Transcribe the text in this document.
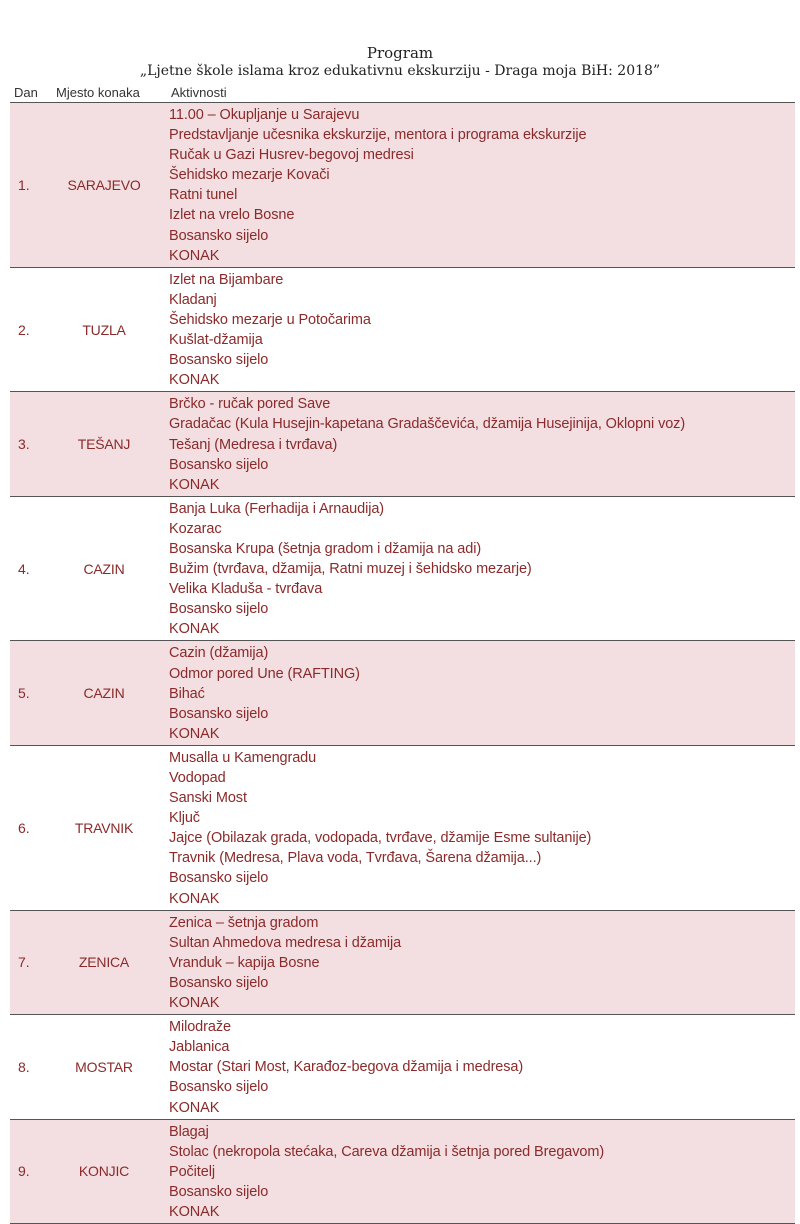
Program
„Ljetne škole islama kroz edukativnu ekskurziju - Draga moja BiH: 2018”
Dan Mjesto konaka Aktivnosti
1.	SARAJEVO
11.00 – Okupljanje u Sarajevu
Predstavljanje učesnika ekskurzije, mentora i programa ekskurzije
Ručak u Gazi Husrev-begovoj medresi
Šehidsko mezarje Kovači
Ratni tunel
Izlet na vrelo Bosne
Bosansko sijelo
KONAK
2.	TUZLA
Izlet na Bijambare
Kladanj
Šehidsko mezarje u Potočarima
Kušlat-džamija
Bosansko sijelo
KONAK
3.	TEŠANJ
Brčko - ručak pored Save
Gradačac (Kula Husejin-kapetana Gradaščevića, džamija Husejinija, Oklopni voz)
Tešanj (Medresa i tvrđava)
Bosansko sijelo
KONAK
4.	CAZIN
Banja Luka (Ferhadija i Arnaudija)
Kozarac
Bosanska Krupa (šetnja gradom i džamija na adi)
Bužim (tvrđava, džamija, Ratni muzej i šehidsko mezarje)
Velika Kladuša - tvrđava
Bosansko sijelo
KONAK
5.	CAZIN
Cazin (džamija)
Odmor pored Une (RAFTING)
Bihać
Bosansko sijelo
KONAK
6.	TRAVNIK
Musalla u Kamengradu
Vodopad
Sanski Most
Ključ
Jajce (Obilazak grada, vodopada, tvrđave, džamije Esme sultanije)
Travnik (Medresa, Plava voda, Tvrđava, Šarena džamija...)
Bosansko sijelo
KONAK
7.	ZENICA
Zenica – šetnja gradom
Sultan Ahmedova medresa i džamija
Vranduk – kapija Bosne
Bosansko sijelo
KONAK
8.	MOSTAR
Milodraže
Jablanica
Mostar (Stari Most, Karađoz-begova džamija i medresa)
Bosansko sijelo
KONAK
9.	KONJIC
Blagaj
Stolac (nekropola stećaka, Careva džamija i šetnja pored Bregavom)
Počitelj
Bosansko sijelo
KONAK
